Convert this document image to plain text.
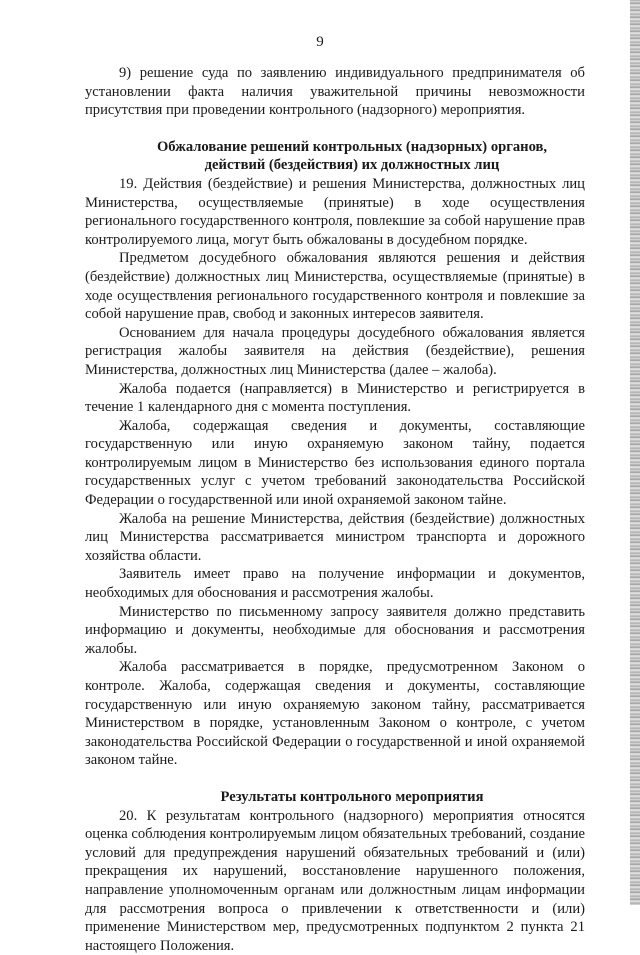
9

9) решение суда по заявлению индивидуального предпринимателя об установлении факта наличия уважительной причины невозможности присутствия при проведении контрольного (надзорного) мероприятия.

Обжалование решений контрольных (надзорных) органов,
действий (бездействия) их должностных лиц

19. Действия (бездействие) и решения Министерства, должностных лиц Министерства, осуществляемые (принятые) в ходе осуществления регионального государственного контроля, повлекшие за собой нарушение прав контролируемого лица, могут быть обжалованы в досудебном порядке.

Предметом досудебного обжалования являются решения и действия (бездействие) должностных лиц Министерства, осуществляемые (принятые) в ходе осуществления регионального государственного контроля и повлекшие за собой нарушение прав, свобод и законных интересов заявителя.

Основанием для начала процедуры досудебного обжалования является регистрация жалобы заявителя на действия (бездействие), решения Министерства, должностных лиц Министерства (далее – жалоба).

Жалоба подается (направляется) в Министерство и регистрируется в течение 1 календарного дня с момента поступления.

Жалоба, содержащая сведения и документы, составляющие государственную или иную охраняемую законом тайну, подается контролируемым лицом в Министерство без использования единого портала государственных услуг с учетом требований законодательства Российской Федерации о государственной или иной охраняемой законом тайне.

Жалоба на решение Министерства, действия (бездействие) должностных лиц Министерства рассматривается министром транспорта и дорожного хозяйства области.

Заявитель имеет право на получение информации и документов, необходимых для обоснования и рассмотрения жалобы.

Министерство по письменному запросу заявителя должно представить информацию и документы, необходимые для обоснования и рассмотрения жалобы.

Жалоба рассматривается в порядке, предусмотренном Законом о контроле. Жалоба, содержащая сведения и документы, составляющие государственную или иную охраняемую законом тайну, рассматривается Министерством в порядке, установленным Законом о контроле, с учетом законодательства Российской Федерации о государственной и иной охраняемой законом тайне.

Результаты контрольного мероприятия

20. К результатам контрольного (надзорного) мероприятия относятся оценка соблюдения контролируемым лицом обязательных требований, создание условий для предупреждения нарушений обязательных требований и (или) прекращения их нарушений, восстановление нарушенного положения, направление уполномоченным органам или должностным лицам информации для рассмотрения вопроса о привлечении к ответственности и (или) применение Министерством мер, предусмотренных подпунктом 2 пункта 21 настоящего Положения.
